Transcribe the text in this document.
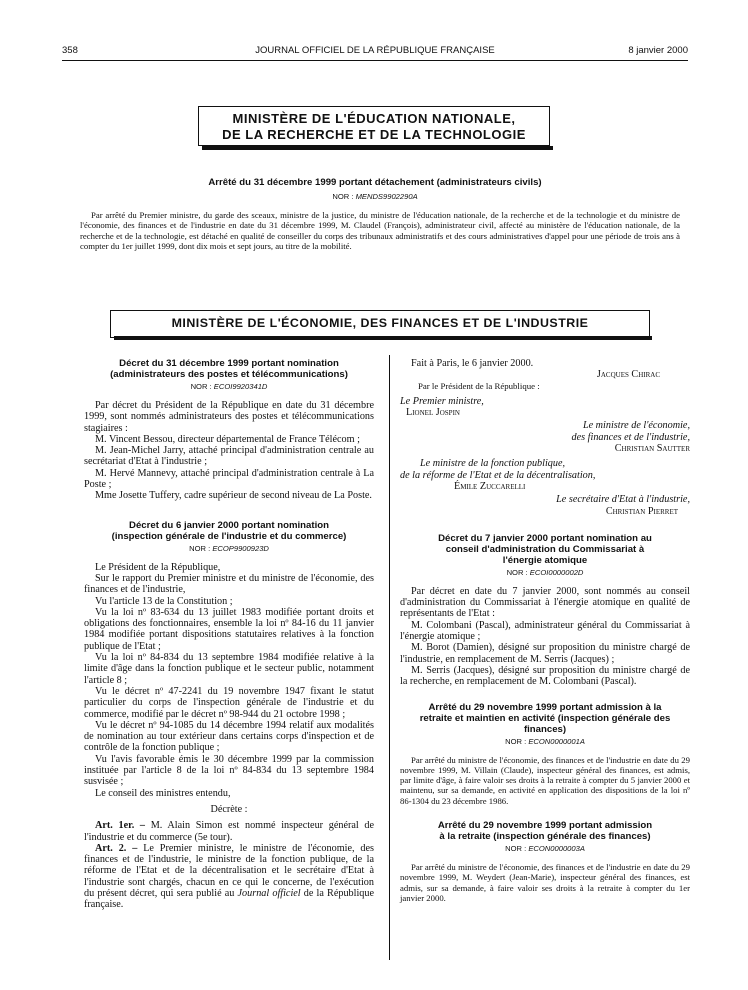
358	JOURNAL OFFICIEL DE LA RÉPUBLIQUE FRANÇAISE	8 janvier 2000
MINISTÈRE DE L'ÉDUCATION NATIONALE,
DE LA RECHERCHE ET DE LA TECHNOLOGIE
Arrêté du 31 décembre 1999 portant détachement (administrateurs civils)
NOR : MENDS9902290A

Par arrêté du Premier ministre, du garde des sceaux, ministre de la justice, du ministre de l'éducation nationale, de la recherche et de la technologie et du ministre de l'économie, des finances et de l'industrie en date du 31 décembre 1999, M. Claudel (François), administrateur civil, affecté au ministère de l'éducation nationale, de la recherche et de la technologie, est détaché en qualité de conseiller du corps des tribunaux administratifs et des cours administratives d'appel pour une période de trois ans à compter du 1er juillet 1999, dont dix mois et sept jours, au titre de la mobilité.

MINISTÈRE DE L'ÉCONOMIE, DES FINANCES ET DE L'INDUSTRIE
Décret du 31 décembre 1999 portant nomination
(administrateurs des postes et télécommunications)
NOR : ECOI9920341D

Par décret du Président de la République en date du 31 décembre 1999, sont nommés administrateurs des postes et télécommunications stagiaires :

M. Vincent Bessou, directeur départemental de France Télécom ;

M. Jean-Michel Jarry, attaché principal d'administration centrale au secrétariat d'Etat à l'industrie ;

M. Hervé Mannevy, attaché principal d'administration centrale à La Poste ;

Mme Josette Tuffery, cadre supérieur de second niveau de La Poste.

Décret du 6 janvier 2000 portant nomination
(inspection générale de l'industrie et du commerce)
NOR : ECOP9900923D

Le Président de la République,

Sur le rapport du Premier ministre et du ministre de l'économie, des finances et de l'industrie,

Vu l'article 13 de la Constitution ;

Vu la loi nº 83-634 du 13 juillet 1983 modifiée portant droits et obligations des fonctionnaires, ensemble la loi nº 84-16 du 11 janvier 1984 modifiée portant dispositions statutaires relatives à la fonction publique de l'Etat ;

Vu la loi nº 84-834 du 13 septembre 1984 modifiée relative à la limite d'âge dans la fonction publique et le secteur public, notamment l'article 8 ;

Vu le décret nº 47-2241 du 19 novembre 1947 fixant le statut particulier du corps de l'inspection générale de l'industrie et du commerce, modifié par le décret nº 98-944 du 21 octobre 1998 ;

Vu le décret nº 94-1085 du 14 décembre 1994 relatif aux modalités de nomination au tour extérieur dans certains corps d'inspection et de contrôle de la fonction publique ;

Vu l'avis favorable émis le 30 décembre 1999 par la commission instituée par l'article 8 de la loi nº 84-834 du 13 septembre 1984 susvisée ;

Le conseil des ministres entendu,

Décrète :

Art. 1er. – M. Alain Simon est nommé inspecteur général de l'industrie et du commerce (5e tour).

Art. 2. – Le Premier ministre, le ministre de l'économie, des finances et de l'industrie, le ministre de la fonction publique, de la réforme de l'Etat et de la décentralisation et le secrétaire d'Etat à l'industrie sont chargés, chacun en ce qui le concerne, de l'exécution du présent décret, qui sera publié au Journal officiel de la République française.

Fait à Paris, le 6 janvier 2000.

Jacques Chirac
Par le Président de la République :
Le Premier ministre,
Lionel Jospin
Le ministre de l'économie,
des finances et de l'industrie,
Christian Sautter
Le ministre de la fonction publique,
de la réforme de l'Etat et de la décentralisation,
Émile Zuccarelli
Le secrétaire d'Etat à l'industrie,
Christian Pierret
Décret du 7 janvier 2000 portant nomination au
conseil d'administration du Commissariat à
l'énergie atomique
NOR : ECOI0000002D

Par décret en date du 7 janvier 2000, sont nommés au conseil d'administration du Commissariat à l'énergie atomique en qualité de représentants de l'Etat :

M. Colombani (Pascal), administrateur général du Commissariat à l'énergie atomique ;

M. Borot (Damien), désigné sur proposition du ministre chargé de l'industrie, en remplacement de M. Serris (Jacques) ;

M. Serris (Jacques), désigné sur proposition du ministre chargé de la recherche, en remplacement de M. Colombani (Pascal).

Arrêté du 29 novembre 1999 portant admission à la
retraite et maintien en activité (inspection générale des
finances)
NOR : ECON0000001A

Par arrêté du ministre de l'économie, des finances et de l'industrie en date du 29 novembre 1999, M. Villain (Claude), inspecteur général des finances, est admis, par limite d'âge, à faire valoir ses droits à la retraite à compter du 5 janvier 2000 et maintenu, sur sa demande, en activité en application des dispositions de la loi nº 86-1304 du 23 décembre 1986.

Arrêté du 29 novembre 1999 portant admission
à la retraite (inspection générale des finances)
NOR : ECON0000003A

Par arrêté du ministre de l'économie, des finances et de l'industrie en date du 29 novembre 1999, M. Weydert (Jean-Marie), inspecteur général des finances, est admis, sur sa demande, à faire valoir ses droits à la retraite à compter du 1er janvier 2000.
